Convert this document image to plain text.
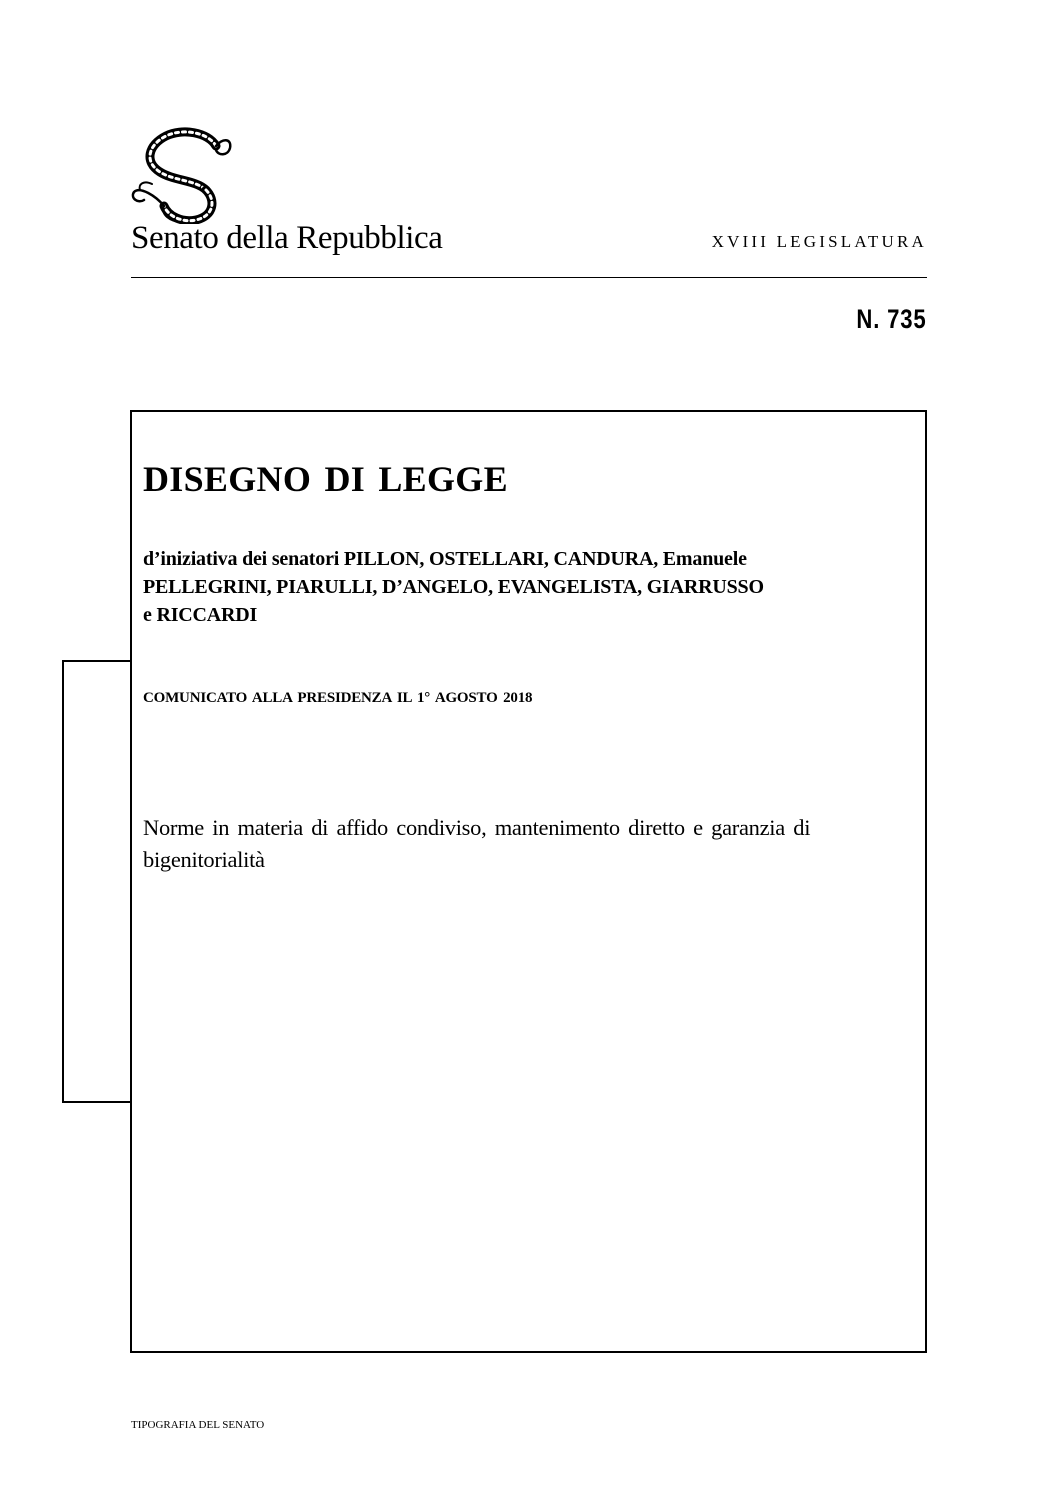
Senato della Repubblica	XVIII LEGISLATURA
N. 735
DISEGNO DI LEGGE

d’iniziativa dei senatori PILLON, OSTELLARI, CANDURA, Emanuele
PELLEGRINI, PIARULLI, D’ANGELO, EVANGELISTA, GIARRUSSO
e RICCARDI

COMUNICATO ALLA PRESIDENZA IL 1° AGOSTO 2018

Norme in materia di affido condiviso, mantenimento diretto e garanzia di
bigenitorialità

TIPOGRAFIA DEL SENATO
